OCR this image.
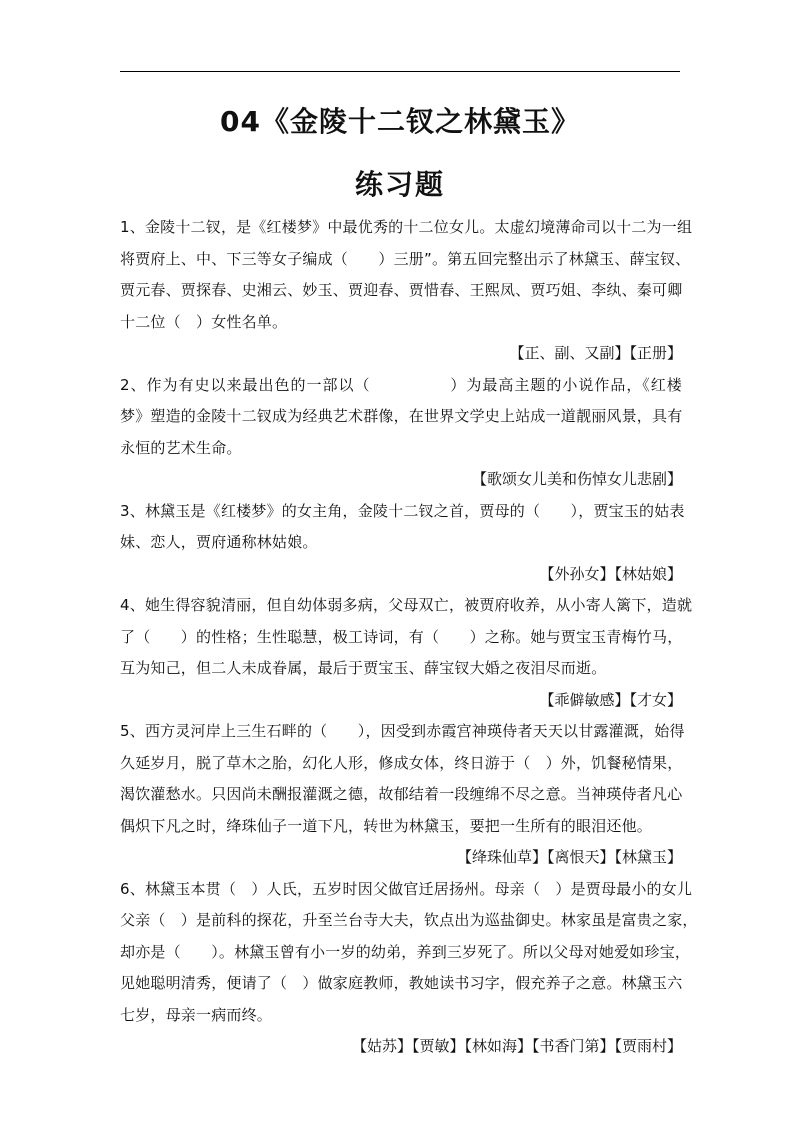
04《金陵十二钗之林黛玉》
练习题
1、金陵十二钗，是《红楼梦》中最优秀的十二位女儿。太虚幻境薄命司以十二为一组
将贾府上、中、下三等女子编成（　　）三册”。第五回完整出示了林黛玉、薛宝钗、
贾元春、贾探春、史湘云、妙玉、贾迎春、贾惜春、王熙凤、贾巧姐、李纨、秦可卿
十二位（　）女性名单。
【正、副、又副】【正册】
2、作为有史以来最出色的一部以（　　　　　）为最高主题的小说作品，《红楼
梦》塑造的金陵十二钗成为经典艺术群像，在世界文学史上站成一道靓丽风景，具有
永恒的艺术生命。
【歌颂女儿美和伤悼女儿悲剧】
3、林黛玉是《红楼梦》的女主角，金陵十二钗之首，贾母的（　　），贾宝玉的姑表
妹、恋人，贾府通称林姑娘。
【外孙女】【林姑娘】
4、她生得容貌清丽，但自幼体弱多病，父母双亡，被贾府收养，从小寄人篱下，造就
了（　　）的性格；生性聪慧，极工诗词，有（　　）之称。她与贾宝玉青梅竹马，
互为知己，但二人未成眷属，最后于贾宝玉、薛宝钗大婚之夜泪尽而逝。
【乖僻敏感】【才女】
5、西方灵河岸上三生石畔的（　　），因受到赤霞宫神瑛侍者天天以甘露灌溉，始得
久延岁月，脱了草木之胎，幻化人形，修成女体，终日游于（　）外，饥餐秘情果，
渴饮灌愁水。只因尚未酬报灌溉之德，故郁结着一段缠绵不尽之意。当神瑛侍者凡心
偶炽下凡之时，绛珠仙子一道下凡，转世为林黛玉，要把一生所有的眼泪还他。
【绛珠仙草】【离恨天】【林黛玉】
6、林黛玉本贯（　）人氏，五岁时因父做官迁居扬州。母亲（　）是贾母最小的女儿
父亲（　）是前科的探花，升至兰台寺大夫，钦点出为巡盐御史。林家虽是富贵之家，
却亦是（　　）。林黛玉曾有小一岁的幼弟，养到三岁死了。所以父母对她爱如珍宝，
见她聪明清秀，便请了（　）做家庭教师，教她读书习字，假充养子之意。林黛玉六
七岁，母亲一病而终。
【姑苏】【贾敏】【林如海】【书香门第】【贾雨村】
